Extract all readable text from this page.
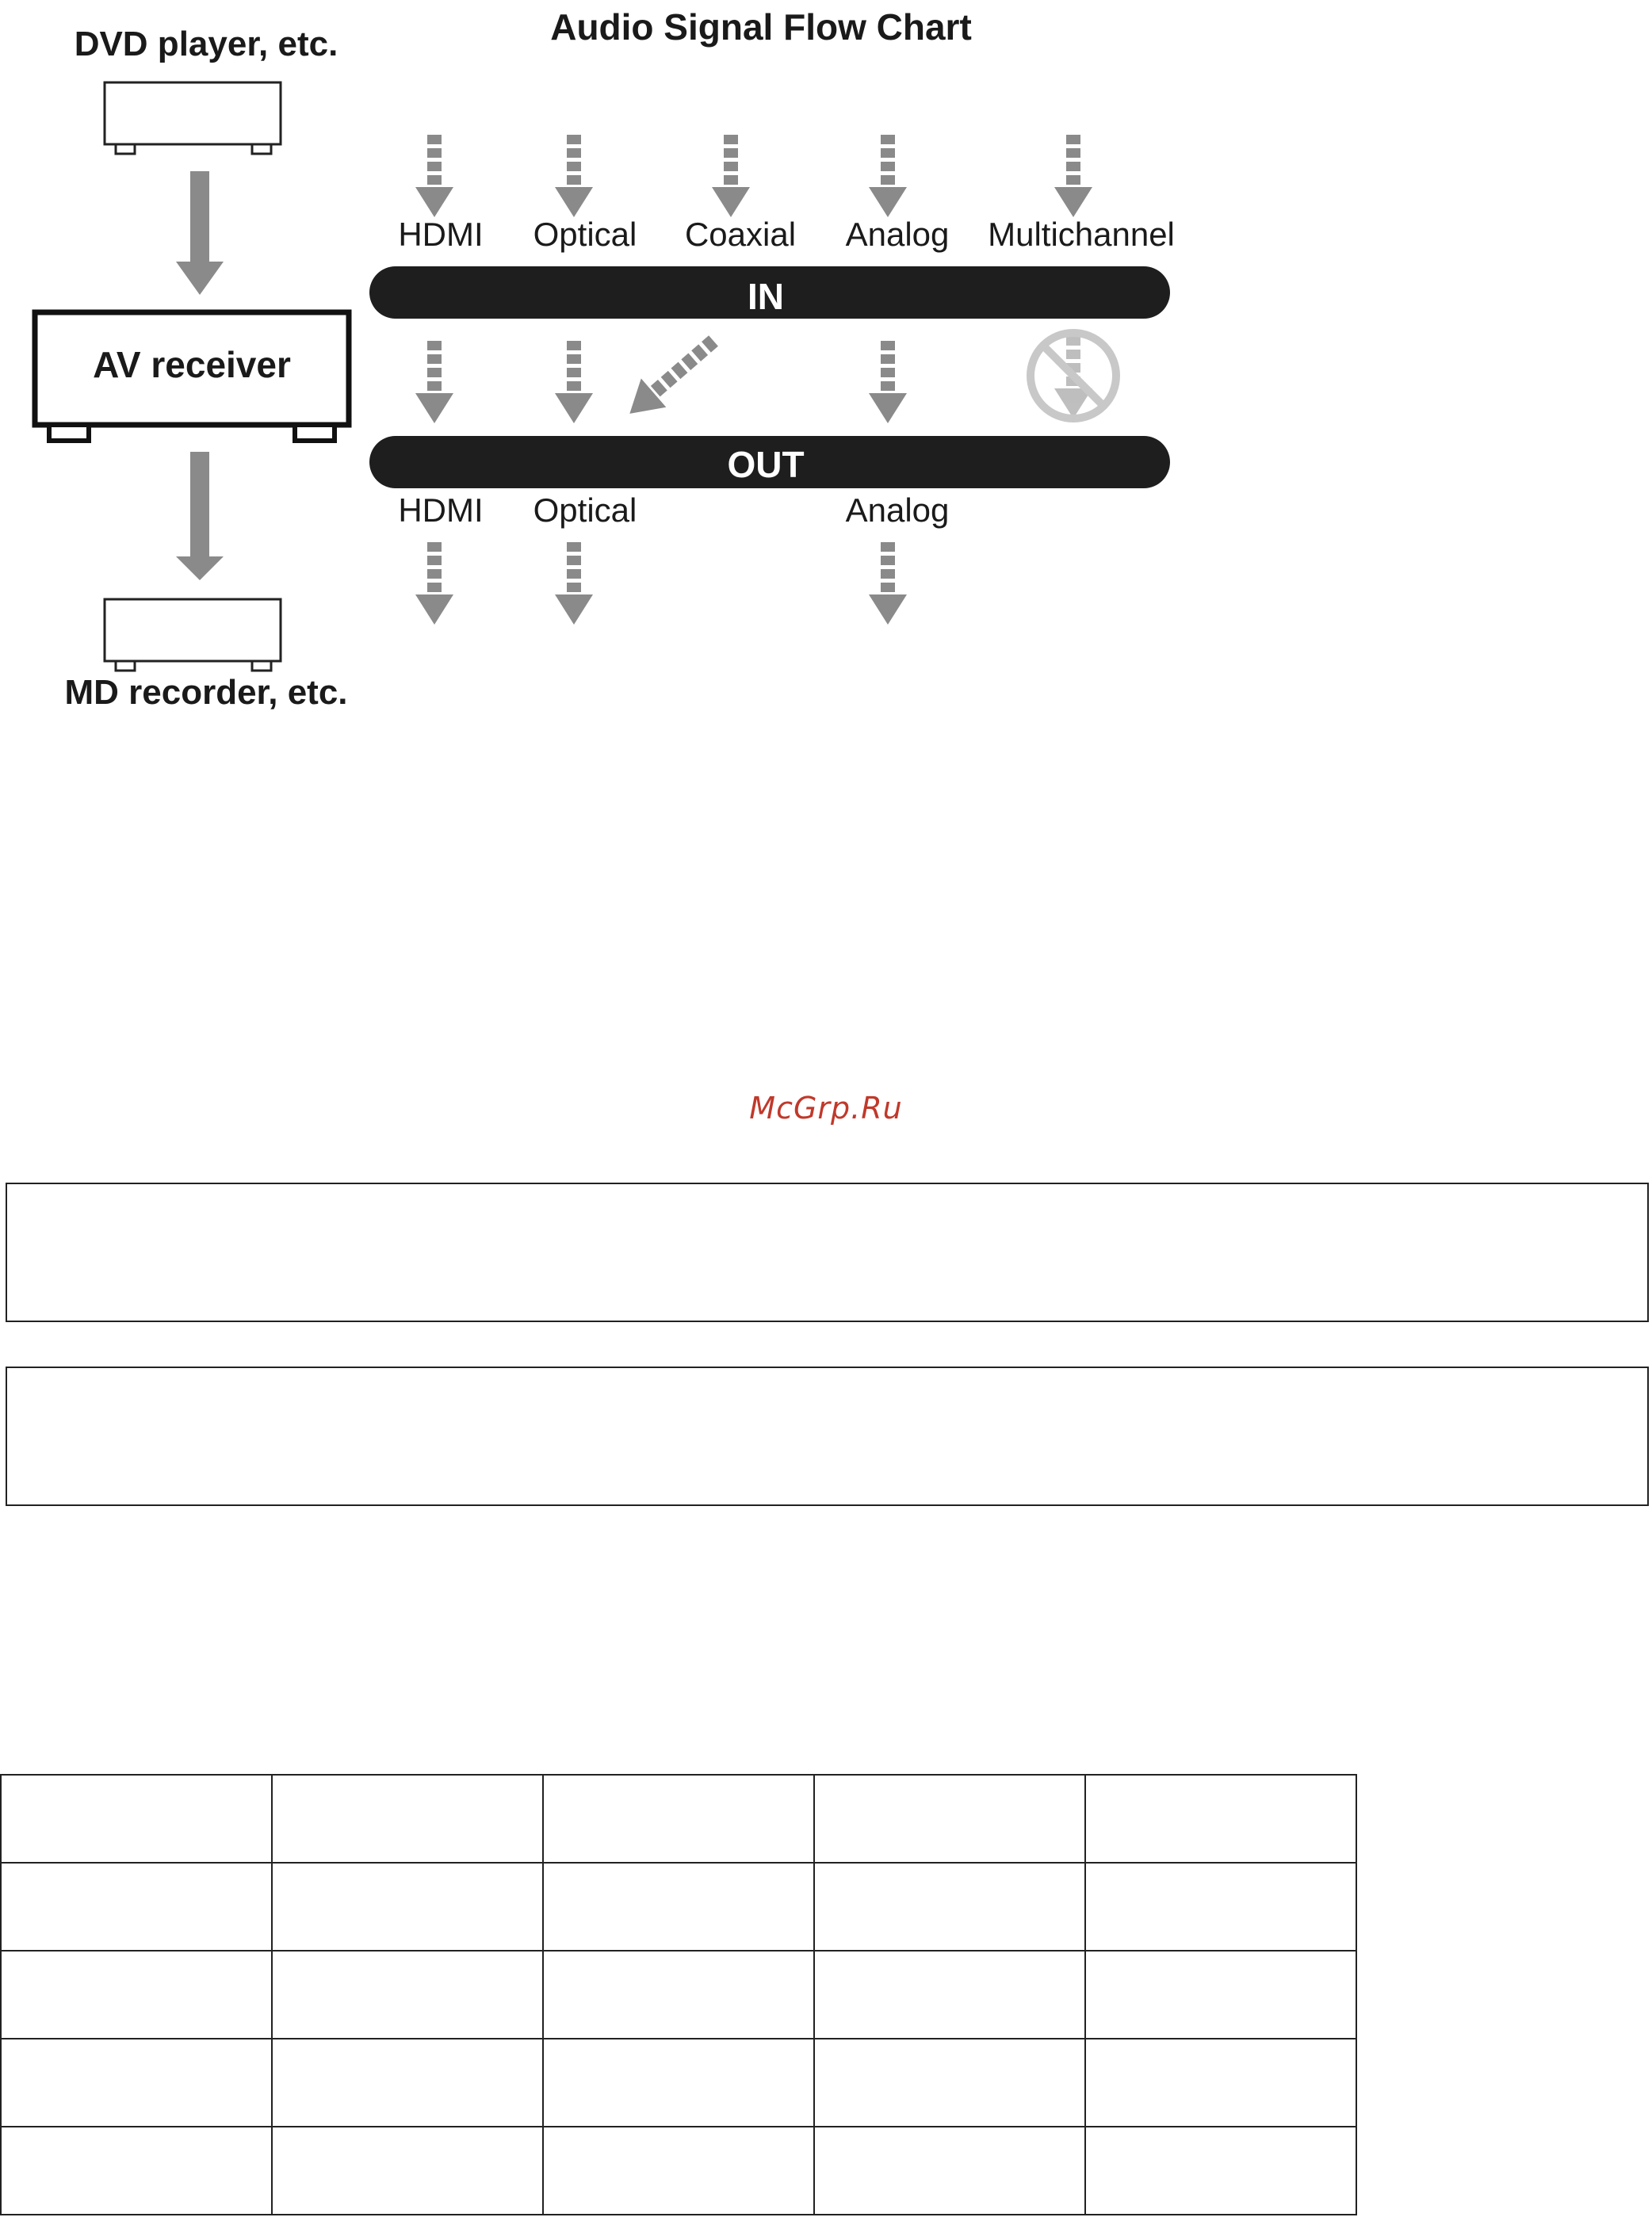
Audio Signal Flow Chart
DVD player, etc.
AV receiver
MD recorder, etc.
HDMI Optical Coaxial Analog Multichannel
IN
OUT
HDMI Optical	Analog
McGrp.Ru
